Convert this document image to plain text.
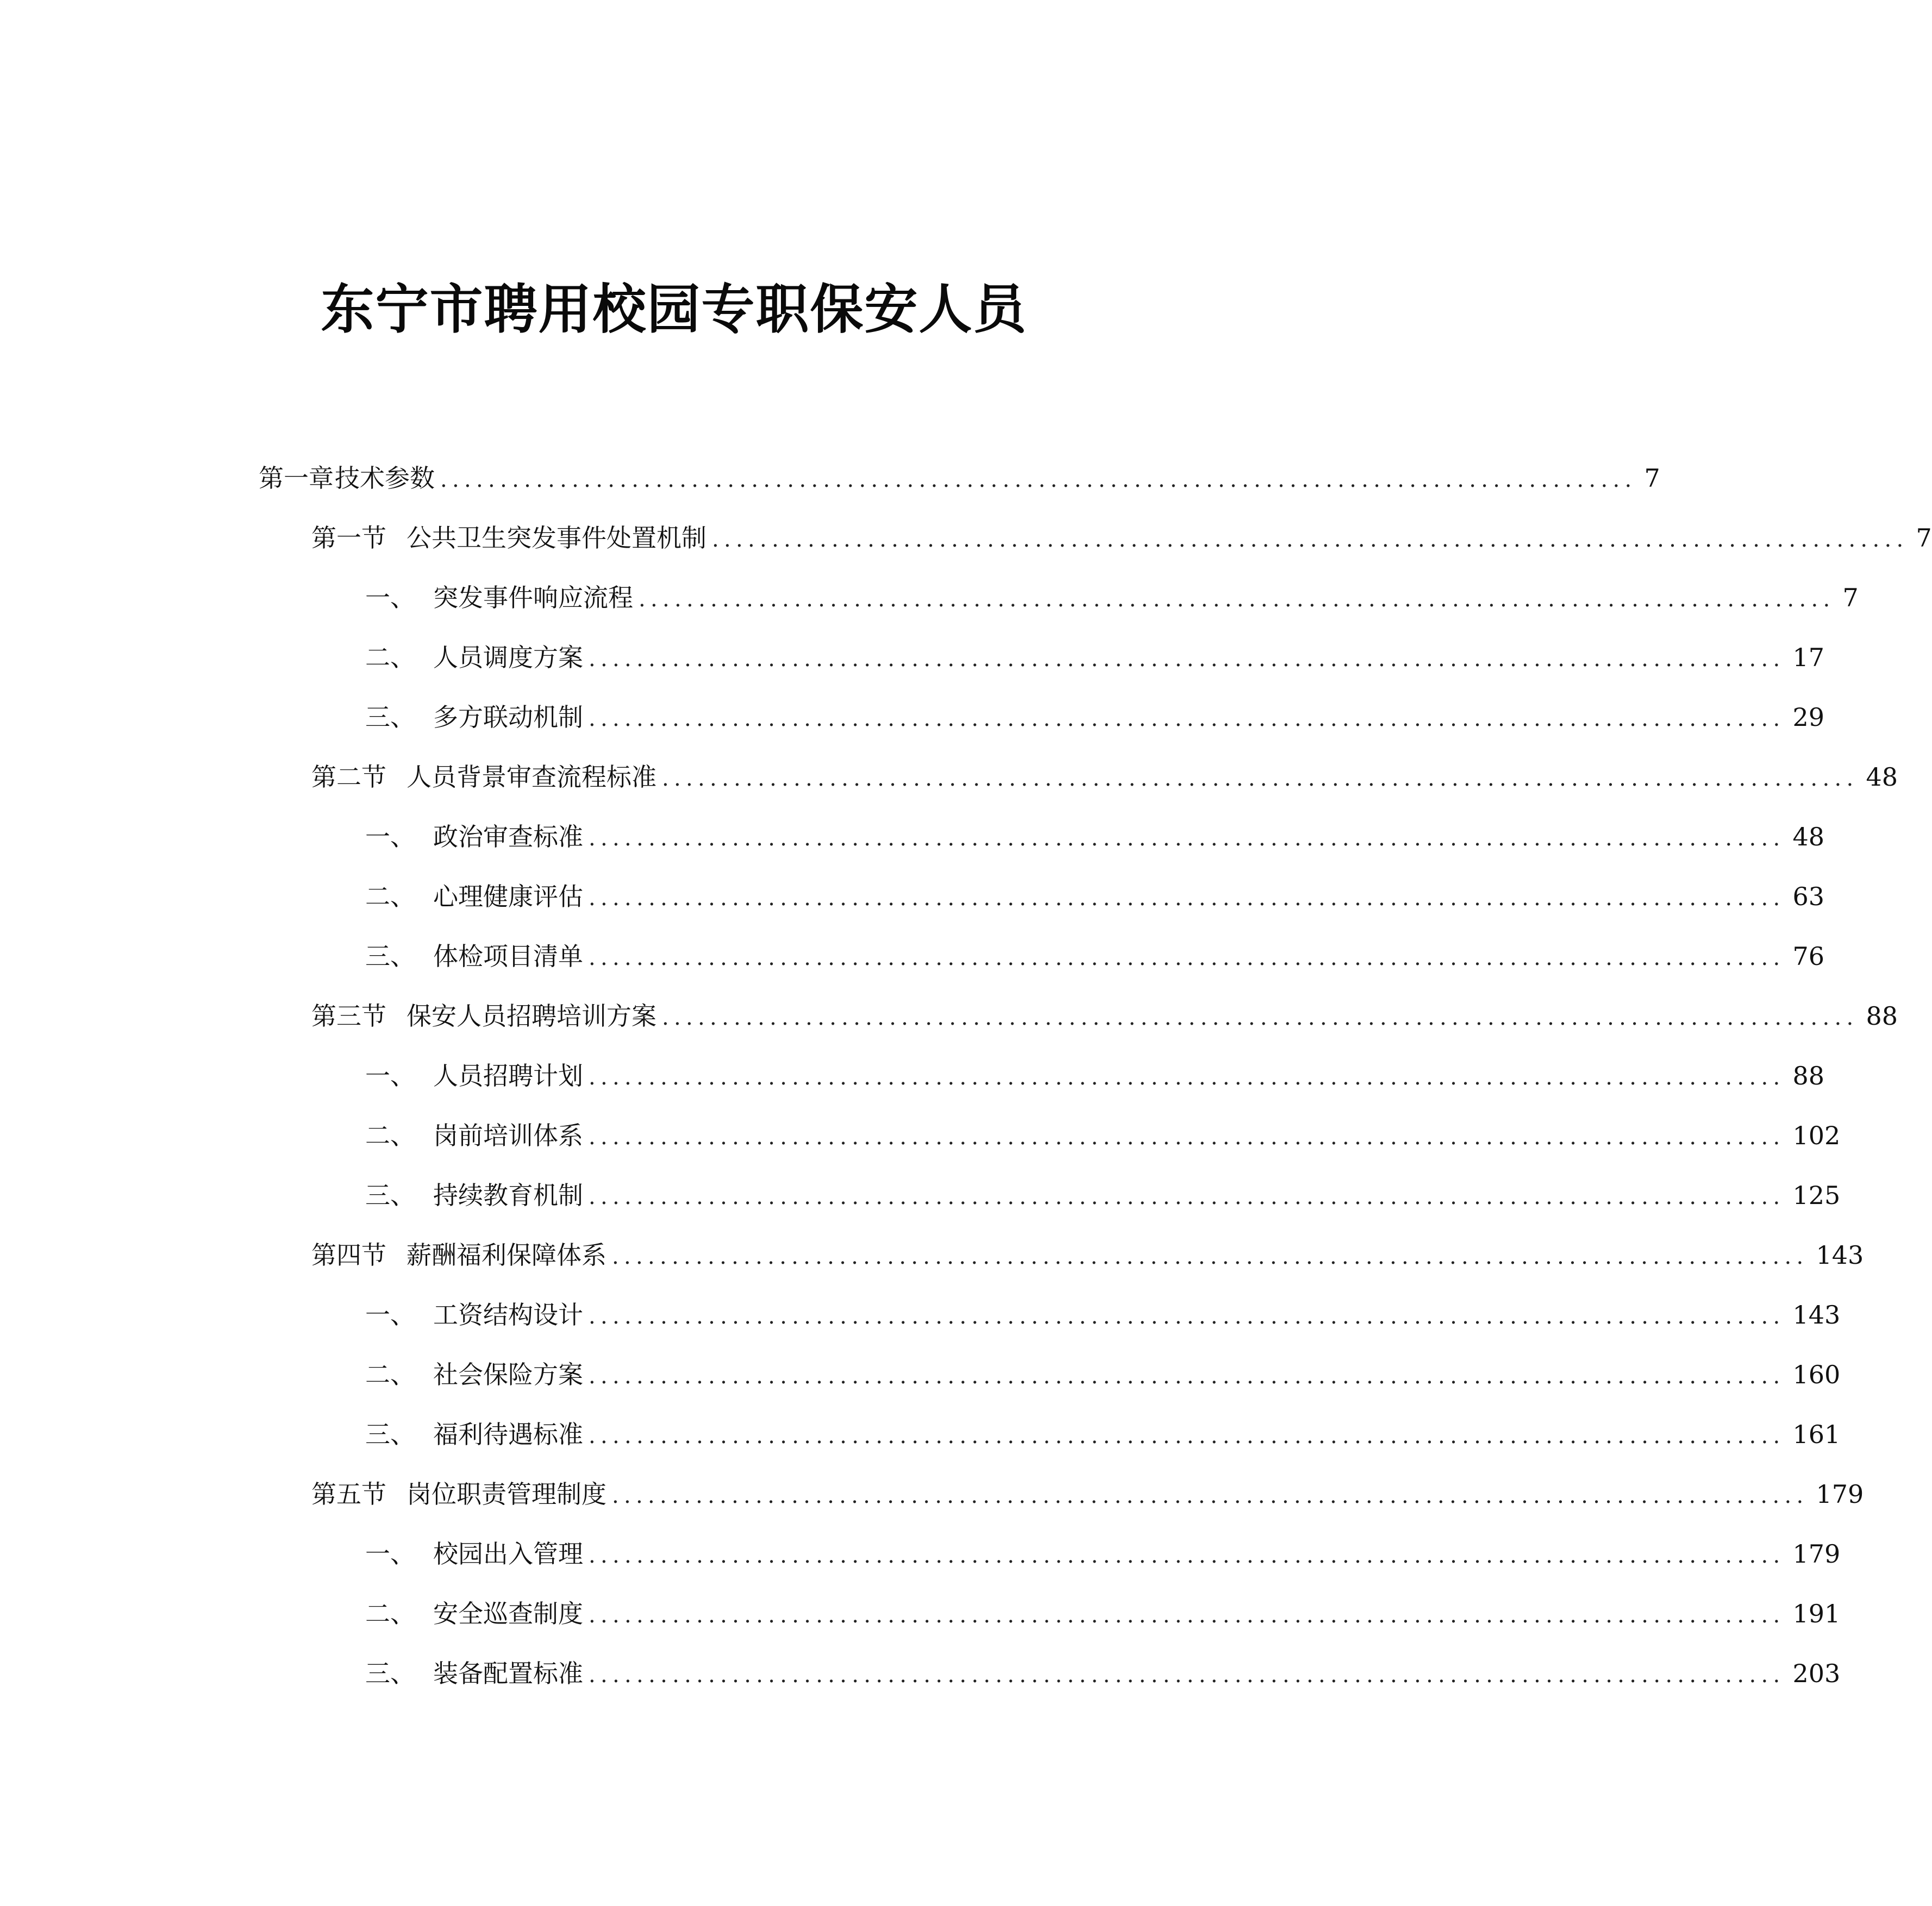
东宁市聘用校园专职保安人员
第一章 技术参数 .................................................................................................... 7
第一节 公共卫生突发事件处置机制 .................................................................................................... 7
一、 突发事件响应流程 .................................................................................................... 7
二、 人员调度方案 .................................................................................................... 17
三、 多方联动机制 .................................................................................................... 29
第二节 人员背景审查流程标准 .................................................................................................... 48
一、 政治审查标准 .................................................................................................... 48
二、 心理健康评估 .................................................................................................... 63
三、 体检项目清单 .................................................................................................... 76
第三节 保安人员招聘培训方案 .................................................................................................... 88
一、 人员招聘计划 .................................................................................................... 88
二、 岗前培训体系 .................................................................................................... 102
三、 持续教育机制 .................................................................................................... 125
第四节 薪酬福利保障体系 .................................................................................................... 143
一、 工资结构设计 .................................................................................................... 143
二、 社会保险方案 .................................................................................................... 160
三、 福利待遇标准 .................................................................................................... 161
第五节 岗位职责管理制度 .................................................................................................... 179
一、 校园出入管理 .................................................................................................... 179
二、 安全巡查制度 .................................................................................................... 191
三、 装备配置标准 .................................................................................................... 203
